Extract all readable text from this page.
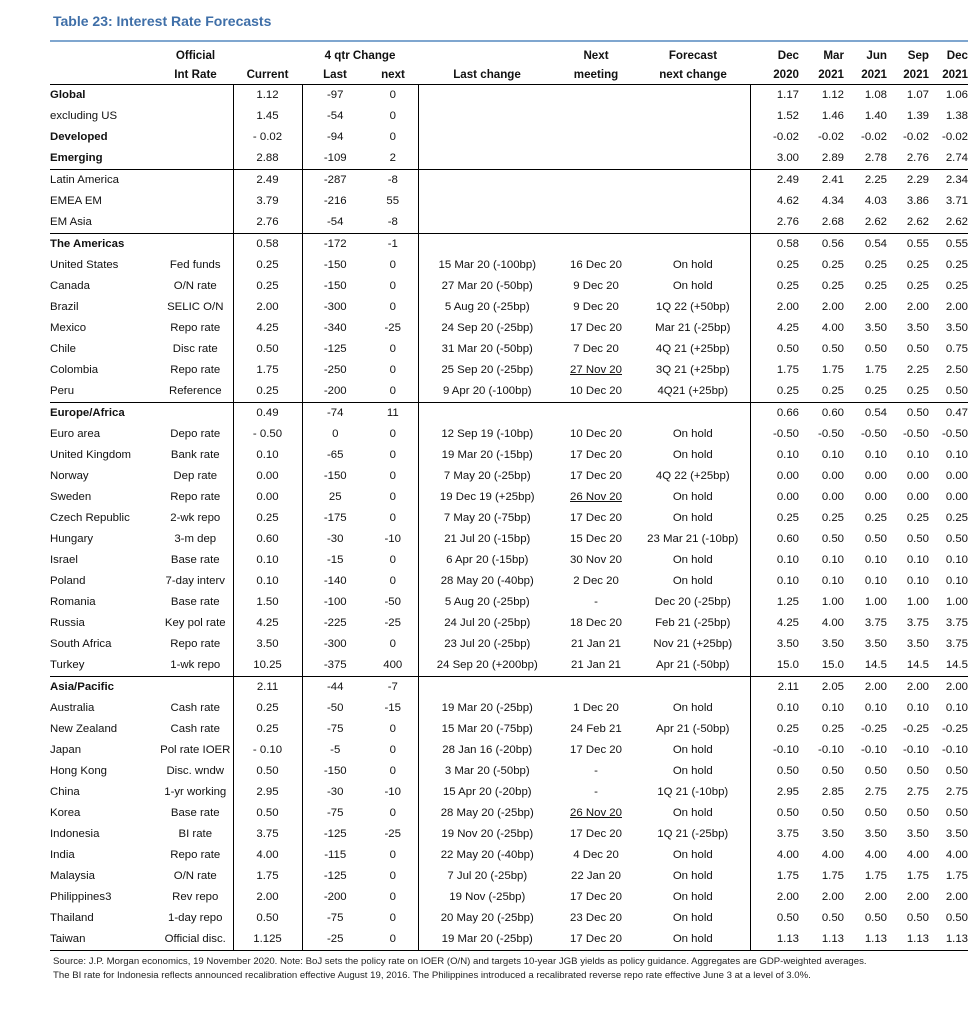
Table 23: Interest Rate Forecasts
	Official		4 qtr Change			Next	Forecast	Dec	Mar	Jun	Sep	Dec
	Int Rate	Current	Last	next	Last change	meeting	next change	2020	2021	2021	2021	2021
Global		1.12	-97	0				1.17	1.12	1.08	1.07	1.06
excluding US		1.45	-54	0				1.52	1.46	1.40	1.39	1.38
Developed		- 0.02	-94	0				-0.02	-0.02	-0.02	-0.02	-0.02
Emerging		2.88	-109	2				3.00	2.89	2.78	2.76	2.74
Latin America		2.49	-287	-8				2.49	2.41	2.25	2.29	2.34
EMEA EM		3.79	-216	55				4.62	4.34	4.03	3.86	3.71
EM Asia		2.76	-54	-8				2.76	2.68	2.62	2.62	2.62
The Americas		0.58	-172	-1				0.58	0.56	0.54	0.55	0.55
United States	Fed funds	0.25	-150	0	15 Mar 20 (-100bp)	16 Dec 20	On hold	0.25	0.25	0.25	0.25	0.25
Canada	O/N rate	0.25	-150	0	27 Mar 20 (-50bp)	9 Dec 20	On hold	0.25	0.25	0.25	0.25	0.25
Brazil	SELIC O/N	2.00	-300	0	5 Aug 20 (-25bp)	9 Dec 20	1Q 22 (+50bp)	2.00	2.00	2.00	2.00	2.00
Mexico	Repo rate	4.25	-340	-25	24 Sep 20 (-25bp)	17 Dec 20	Mar 21 (-25bp)	4.25	4.00	3.50	3.50	3.50
Chile	Disc rate	0.50	-125	0	31 Mar 20 (-50bp)	7 Dec 20	4Q 21 (+25bp)	0.50	0.50	0.50	0.50	0.75
Colombia	Repo rate	1.75	-250	0	25 Sep 20 (-25bp)	27 Nov 20	3Q 21 (+25bp)	1.75	1.75	1.75	2.25	2.50
Peru	Reference	0.25	-200	0	9 Apr 20 (-100bp)	10 Dec 20	4Q21 (+25bp)	0.25	0.25	0.25	0.25	0.50
Europe/Africa		0.49	-74	11				0.66	0.60	0.54	0.50	0.47
Euro area	Depo rate	- 0.50	0	0	12 Sep 19 (-10bp)	10 Dec 20	On hold	-0.50	-0.50	-0.50	-0.50	-0.50
United Kingdom	Bank rate	0.10	-65	0	19 Mar 20 (-15bp)	17 Dec 20	On hold	0.10	0.10	0.10	0.10	0.10
Norway	Dep rate	0.00	-150	0	7 May 20 (-25bp)	17 Dec 20	4Q 22 (+25bp)	0.00	0.00	0.00	0.00	0.00
Sweden	Repo rate	0.00	25	0	19 Dec 19 (+25bp)	26 Nov 20	On hold	0.00	0.00	0.00	0.00	0.00
Czech Republic	2-wk repo	0.25	-175	0	7 May 20 (-75bp)	17 Dec 20	On hold	0.25	0.25	0.25	0.25	0.25
Hungary	3-m dep	0.60	-30	-10	21 Jul 20 (-15bp)	15 Dec 20	23 Mar 21 (-10bp)	0.60	0.50	0.50	0.50	0.50
Israel	Base rate	0.10	-15	0	6 Apr 20 (-15bp)	30 Nov 20	On hold	0.10	0.10	0.10	0.10	0.10
Poland	7-day interv	0.10	-140	0	28 May 20 (-40bp)	2 Dec 20	On hold	0.10	0.10	0.10	0.10	0.10
Romania	Base rate	1.50	-100	-50	5 Aug 20 (-25bp)	-	Dec 20 (-25bp)	1.25	1.00	1.00	1.00	1.00
Russia	Key pol rate	4.25	-225	-25	24 Jul 20 (-25bp)	18 Dec 20	Feb 21 (-25bp)	4.25	4.00	3.75	3.75	3.75
South Africa	Repo rate	3.50	-300	0	23 Jul 20 (-25bp)	21 Jan 21	Nov 21 (+25bp)	3.50	3.50	3.50	3.50	3.75
Turkey	1-wk repo	10.25	-375	400	24 Sep 20 (+200bp)	21 Jan 21	Apr 21 (-50bp)	15.0	15.0	14.5	14.5	14.5
Asia/Pacific		2.11	-44	-7				2.11	2.05	2.00	2.00	2.00
Australia	Cash rate	0.25	-50	-15	19 Mar 20 (-25bp)	1 Dec 20	On hold	0.10	0.10	0.10	0.10	0.10
New Zealand	Cash rate	0.25	-75	0	15 Mar 20 (-75bp)	24 Feb 21	Apr 21 (-50bp)	0.25	0.25	-0.25	-0.25	-0.25
Japan	Pol rate IOER	- 0.10	-5	0	28 Jan 16 (-20bp)	17 Dec 20	On hold	-0.10	-0.10	-0.10	-0.10	-0.10
Hong Kong	Disc. wndw	0.50	-150	0	3 Mar 20 (-50bp)	-	On hold	0.50	0.50	0.50	0.50	0.50
China	1-yr working	2.95	-30	-10	15 Apr 20 (-20bp)	-	1Q 21 (-10bp)	2.95	2.85	2.75	2.75	2.75
Korea	Base rate	0.50	-75	0	28 May 20 (-25bp)	26 Nov 20	On hold	0.50	0.50	0.50	0.50	0.50
Indonesia	BI rate	3.75	-125	-25	19 Nov 20 (-25bp)	17 Dec 20	1Q 21 (-25bp)	3.75	3.50	3.50	3.50	3.50
India	Repo rate	4.00	-115	0	22 May 20 (-40bp)	4 Dec 20	On hold	4.00	4.00	4.00	4.00	4.00
Malaysia	O/N rate	1.75	-125	0	7 Jul 20 (-25bp)	22 Jan 20	On hold	1.75	1.75	1.75	1.75	1.75
Philippines3	Rev repo	2.00	-200	0	19 Nov (-25bp)	17 Dec 20	On hold	2.00	2.00	2.00	2.00	2.00
Thailand	1-day repo	0.50	-75	0	20 May 20 (-25bp)	23 Dec 20	On hold	0.50	0.50	0.50	0.50	0.50
Taiwan	Official disc.	1.125	-25	0	19 Mar 20 (-25bp)	17 Dec 20	On hold	1.13	1.13	1.13	1.13	1.13
Source: J.P. Morgan economics, 19 November 2020. Note: BoJ sets the policy rate on IOER (O/N) and targets 10-year JGB yields as policy guidance. Aggregates are GDP-weighted averages.
The BI rate for Indonesia reflects announced recalibration effective August 19, 2016. The Philippines introduced a recalibrated reverse repo rate effective June 3 at a level of 3.0%.
